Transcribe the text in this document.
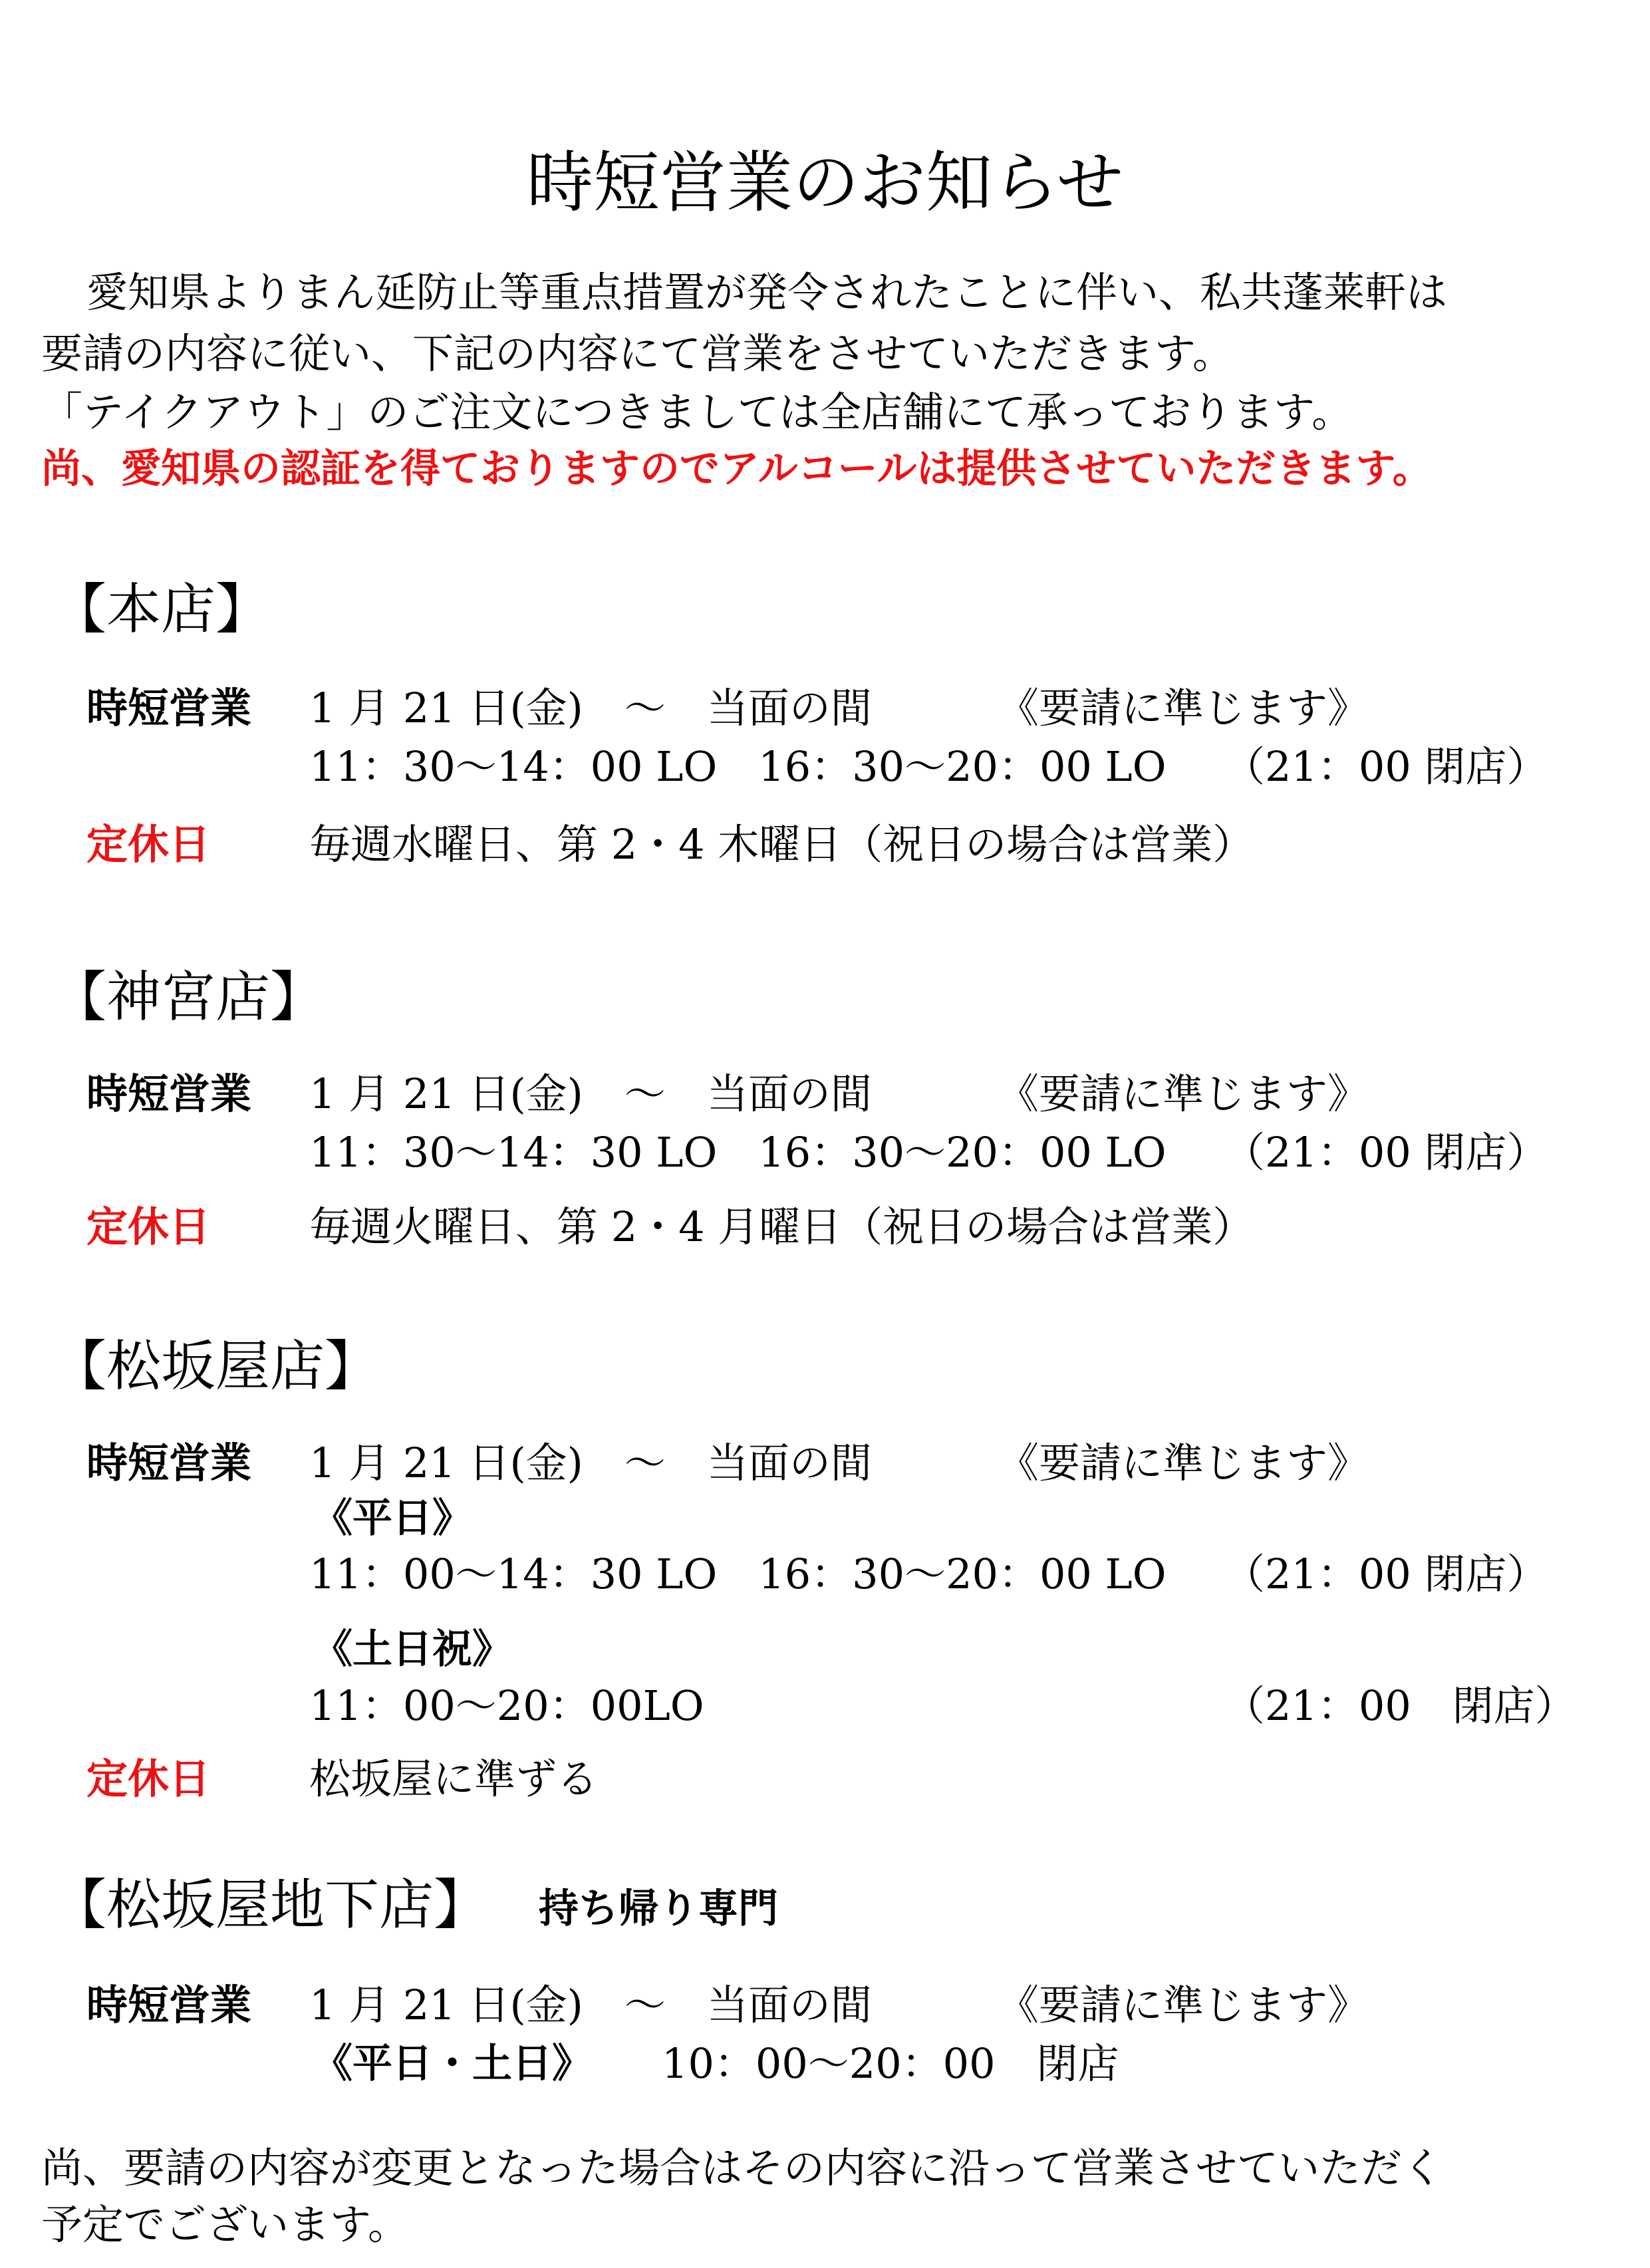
時短営業のお知らせ
愛知県よりまん延防止等重点措置が発令されたことに伴い、私共蓬莱軒は
要請の内容に従い、下記の内容にて営業をさせていただきます。
「テイクアウト」のご注文につきましては全店舗にて承っております。
尚、愛知県の認証を得ておりますのでアルコールは提供させていただきます。
【本店】
時短営業 1 月 21 日(金)　～　当面の間	《要請に準じます》
11：30～14：00 LO　16：30～20：00 LO （21：00 閉店）
定休日 毎週水曜日、第 2・4 木曜日（祝日の場合は営業）
【神宮店】
時短営業 1 月 21 日(金)　～　当面の間	《要請に準じます》
11：30～14：30 LO　16：30～20：00 LO （21：00 閉店）
定休日 毎週火曜日、第 2・4 月曜日（祝日の場合は営業）
【松坂屋店】
時短営業 1 月 21 日(金)　～　当面の間	《要請に準じます》
《平日》
11：00～14：30 LO　16：30～20：00 LO （21：00 閉店）
《土日祝》
11：00～20：00LO	（21：00　閉店）
定休日 松坂屋に準ずる
【松坂屋地下店】 持ち帰り専門
時短営業 1 月 21 日(金)　～　当面の間	《要請に準じます》
《平日・土日》 10：00～20：00　閉店
尚、要請の内容が変更となった場合はその内容に沿って営業させていただく
予定でございます。
